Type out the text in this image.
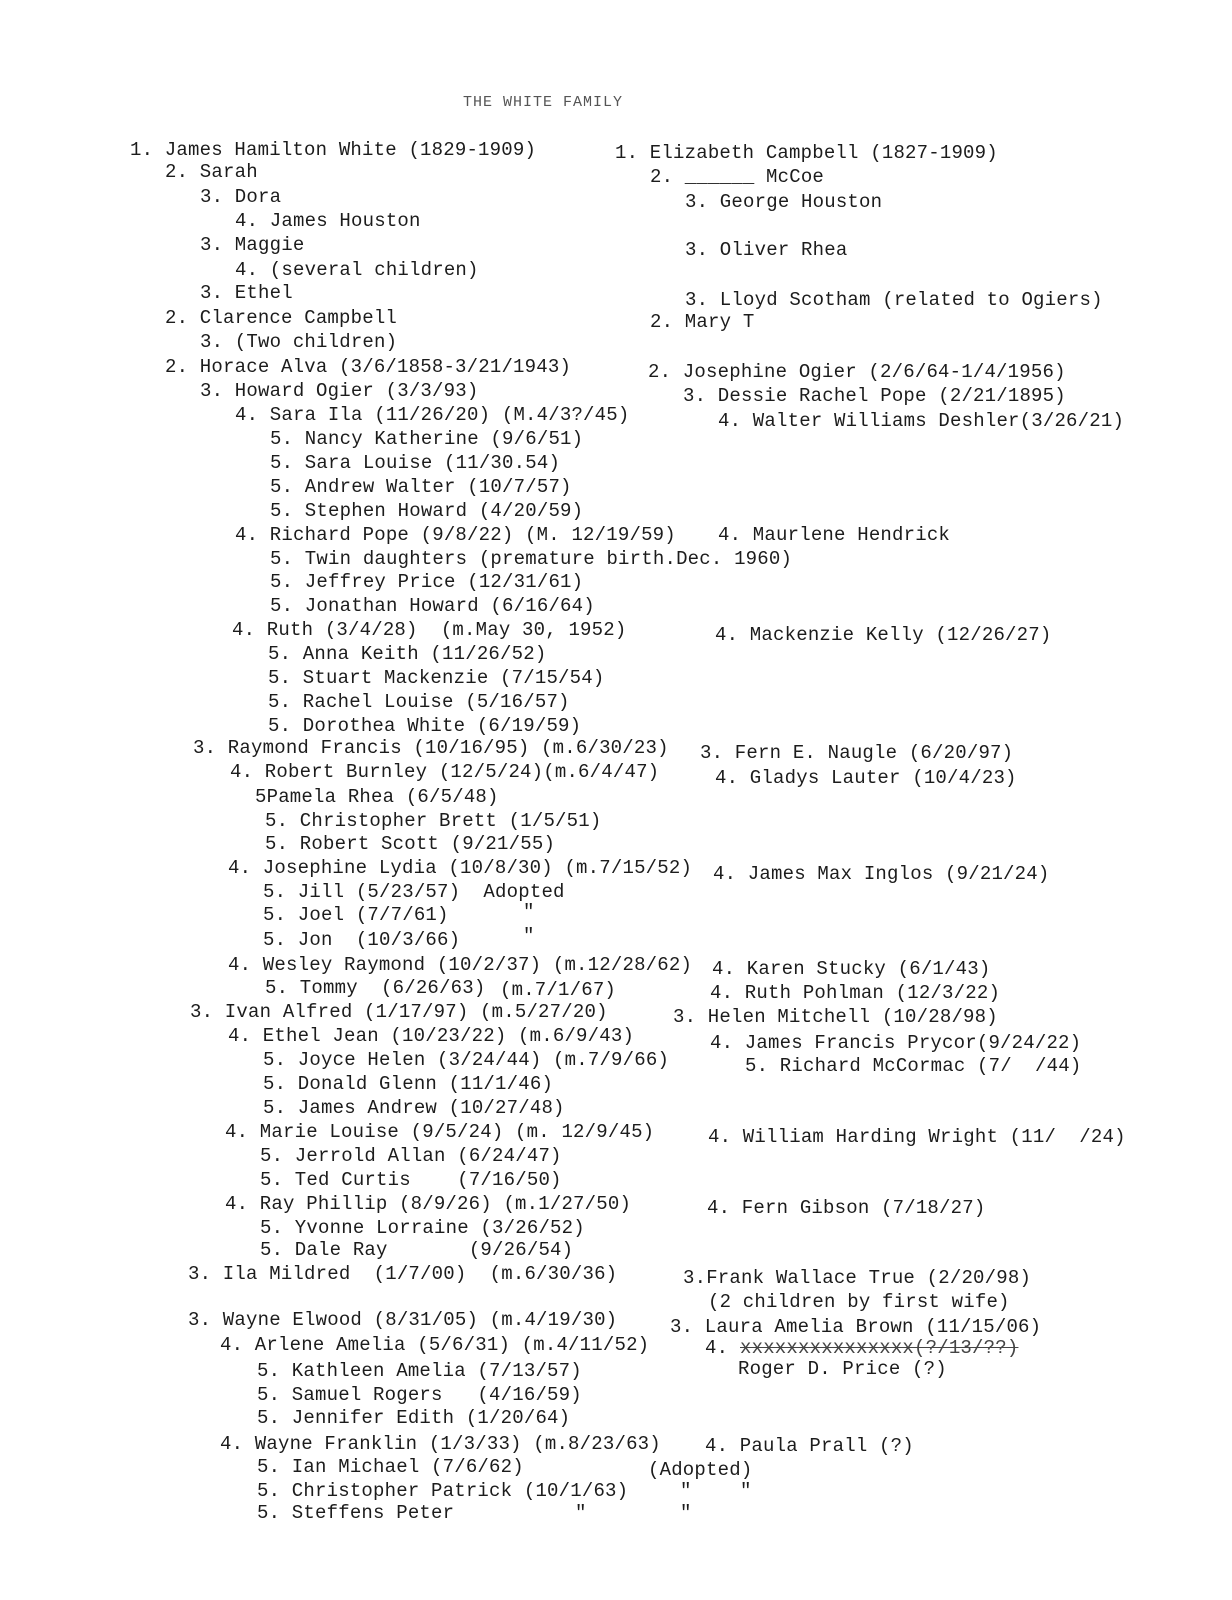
THE WHITE FAMILY
1. James Hamilton White (1829-1909)
2. Sarah
3. Dora
4. James Houston
3. Maggie
4. (several children)
3. Ethel
2. Clarence Campbell
3. (Two children)
2. Horace Alva (3/6/1858-3/21/1943)
3. Howard Ogier (3/3/93)
4. Sara Ila (11/26/20) (M.4/3?/45)
5. Nancy Katherine (9/6/51)
5. Sara Louise (11/30.54)
5. Andrew Walter (10/7/57)
5. Stephen Howard (4/20/59)
4. Richard Pope (9/8/22) (M. 12/19/59)
5. Twin daughters (premature birth.Dec. 1960)
5. Jeffrey Price (12/31/61)
5. Jonathan Howard (6/16/64)
4. Ruth (3/4/28)  (m.May 30, 1952)
5. Anna Keith (11/26/52)
5. Stuart Mackenzie (7/15/54)
5. Rachel Louise (5/16/57)
5. Dorothea White (6/19/59)
3. Raymond Francis (10/16/95) (m.6/30/23)
4. Robert Burnley (12/5/24)(m.6/4/47)
5Pamela Rhea (6/5/48)
5. Christopher Brett (1/5/51)
5. Robert Scott (9/21/55)
4. Josephine Lydia (10/8/30) (m.7/15/52)
5. Jill (5/23/57)  Adopted
5. Joel (7/7/61)
5. Jon  (10/3/66)
4. Wesley Raymond (10/2/37) (m.12/28/62)
5. Tommy  (6/26/63) (m.7/1/67)
3. Ivan Alfred (1/17/97) (m.5/27/20)
4. Ethel Jean (10/23/22) (m.6/9/43)
5. Joyce Helen (3/24/44) (m.7/9/66)
5. Donald Glenn (11/1/46)
5. James Andrew (10/27/48)
4. Marie Louise (9/5/24) (m. 12/9/45)
5. Jerrold Allan (6/24/47)
5. Ted Curtis    (7/16/50)
4. Ray Phillip (8/9/26) (m.1/27/50)
5. Yvonne Lorraine (3/26/52)
5. Dale Ray       (9/26/54)
3. Ila Mildred  (1/7/00)  (m.6/30/36)
3. Wayne Elwood (8/31/05) (m.4/19/30)
4. Arlene Amelia (5/6/31) (m.4/11/52)
5. Kathleen Amelia (7/13/57)
5. Samuel Rogers   (4/16/59)
5. Jennifer Edith (1/20/64)
4. Wayne Franklin (1/3/33) (m.8/23/63)
5. Ian Michael (7/6/62)	(Adopted)
5. Christopher Patrick (10/1/63)
5. Steffens Peter
"
"
"
"	"
"
1. Elizabeth Campbell (1827-1909)
2. ______ McCoe
3. George Houston
3. Oliver Rhea
3. Lloyd Scotham (related to Ogiers)
2. Mary T
2. Josephine Ogier (2/6/64-1/4/1956)
3. Dessie Rachel Pope (2/21/1895)
4. Walter Williams Deshler(3/26/21)
4. Maurlene Hendrick
4. Mackenzie Kelly (12/26/27)
3. Fern E. Naugle (6/20/97)
4. Gladys Lauter (10/4/23)
4. James Max Inglos (9/21/24)
4. Karen Stucky (6/1/43)
4. Ruth Pohlman (12/3/22)
3. Helen Mitchell (10/28/98)
4. James Francis Prycor(9/24/22)
5. Richard McCormac (7/  /44)
4. William Harding Wright (11/  /24)
4. Fern Gibson (7/18/27)
3.Frank Wallace True (2/20/98)
(2 children by first wife)
3. Laura Amelia Brown (11/15/06)
4.
Roger D. Price (?)
4. Paula Prall (?)
xxxxxxxxxxxxxxx(?/13/??)
